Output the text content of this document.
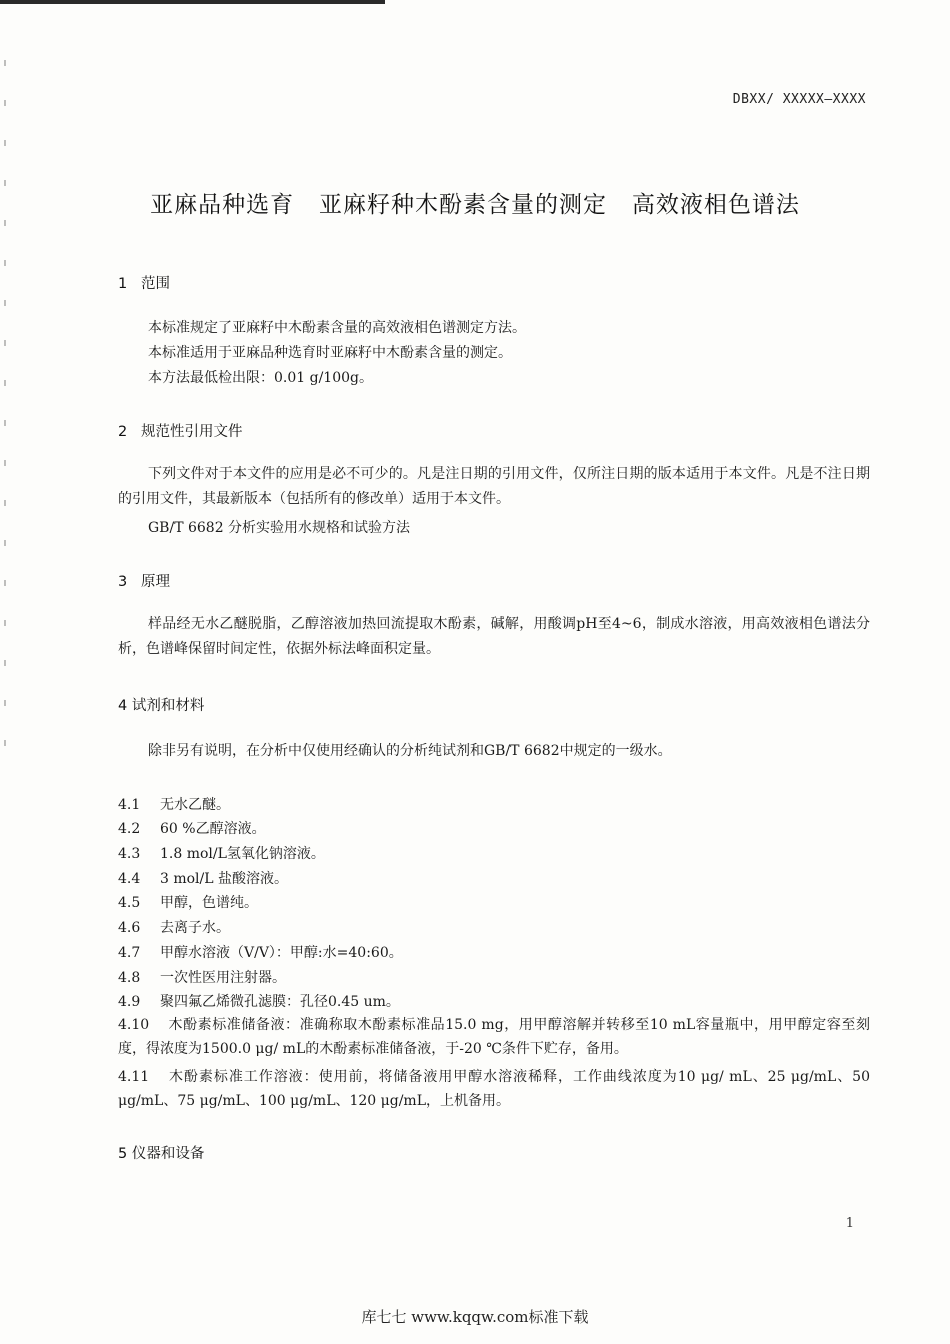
DBXX/ XXXXX—XXXX
亚麻品种选育   亚麻籽种木酚素含量的测定   高效液相色谱法
1   范围
本标准规定了亚麻籽中木酚素含量的高效液相色谱测定方法。
本标准适用于亚麻品种选育时亚麻籽中木酚素含量的测定。
本方法最低检出限：0.01 g/100g。
2   规范性引用文件
下列文件对于本文件的应用是必不可少的。凡是注日期的引用文件，仅所注日期的版本适用于本文件。凡是不注日期的引用文件，其最新版本（包括所有的修改单）适用于本文件。
GB/T 6682 分析实验用水规格和试验方法
3   原理
样品经无水乙醚脱脂，乙醇溶液加热回流提取木酚素，碱解，用酸调pH至4~6，制成水溶液，用高效液相色谱法分析，色谱峰保留时间定性，依据外标法峰面积定量。
4 试剂和材料
除非另有说明，在分析中仅使用经确认的分析纯试剂和GB/T 6682中规定的一级水。
4.1 无水乙醚。
4.2 60 %乙醇溶液。
4.3 1.8 mol/L氢氧化钠溶液。
4.4 3 mol/L 盐酸溶液。
4.5 甲醇，色谱纯。
4.6 去离子水。
4.7 甲醇水溶液（V/V）：甲醇:水=40:60。
4.8 一次性医用注射器。
4.9 聚四氟乙烯微孔滤膜：孔径0.45 um。
4.10 木酚素标准储备液：准确称取木酚素标准品15.0 mg，用甲醇溶解并转移至10 mL容量瓶中，用甲醇定容至刻度，得浓度为1500.0 μg/ mL的木酚素标准储备液，于-20 ℃条件下贮存，备用。
4.11 木酚素标准工作溶液：使用前，将储备液用甲醇水溶液稀释，工作曲线浓度为10 μg/ mL、25 μg/mL、50 μg/mL、75 μg/mL、100 μg/mL、120 μg/mL，上机备用。
5 仪器和设备
1
库七七 www.kqqw.com标准下载
